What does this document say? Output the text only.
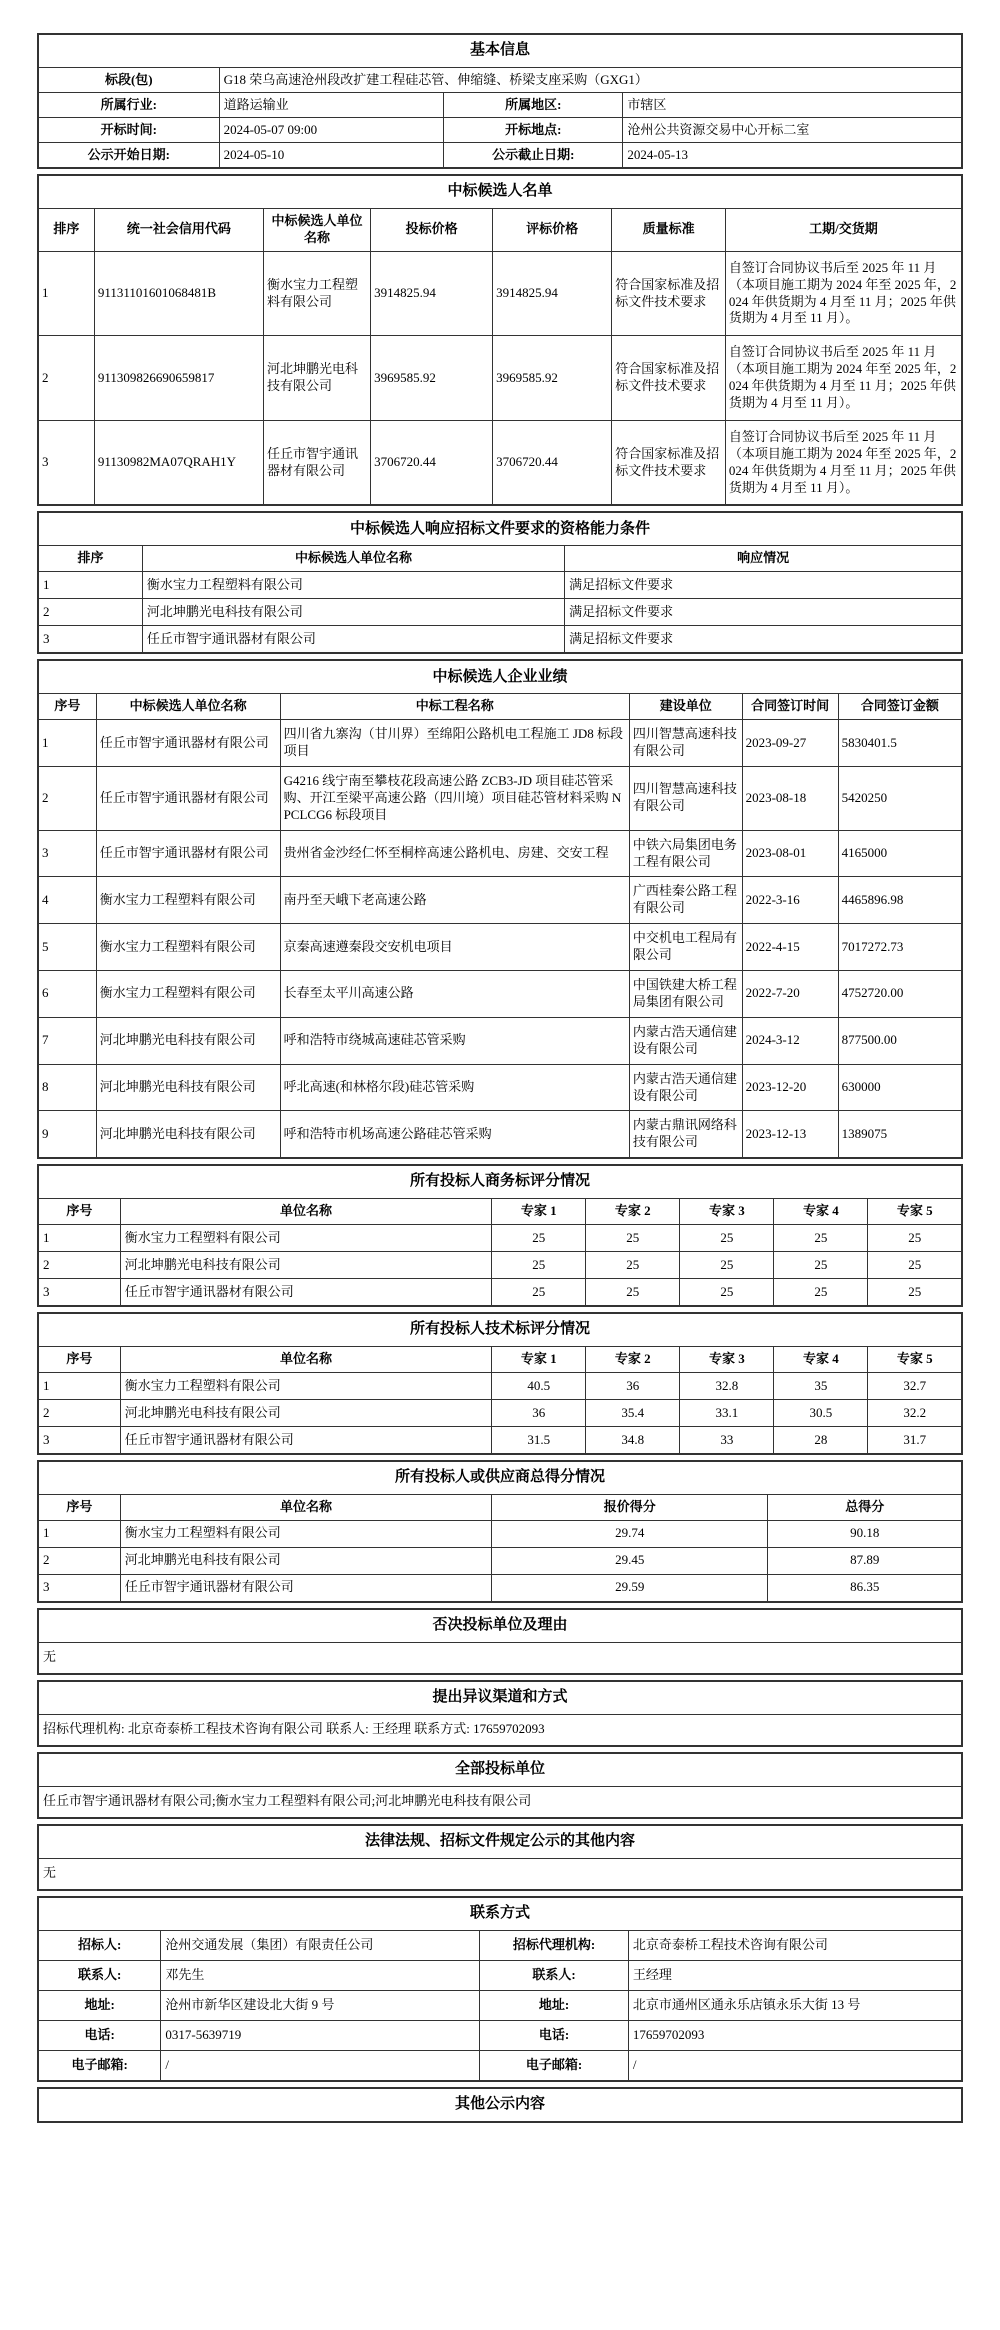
基本信息			
标段(包)	G18 荣乌高速沧州段改扩建工程硅芯管、伸缩缝、桥梁支座采购（GXG1）		
所属行业:	道路运输业	所属地区:	市辖区
开标时间:	2024-05-07 09:00	开标地点:	沧州公共资源交易中心开标二室
公示开始日期:	2024-05-10	公示截止日期:	2024-05-13
中标候选人名单						
排序	统一社会信用代码	中标候选人单位名称	投标价格	评标价格	质量标准	工期/交货期
1	91131101601068481B	衡水宝力工程塑料有限公司	3914825.94	3914825.94	符合国家标准及招标文件技术要求	自签订合同协议书后至 2025 年 11 月（本项目施工期为 2024 年至 2025 年，2024 年供货期为 4 月至 11 月；2025 年供货期为 4 月至 11 月）。
2	911309826690659817	河北坤鹏光电科技有限公司	3969585.92	3969585.92	符合国家标准及招标文件技术要求	自签订合同协议书后至 2025 年 11 月（本项目施工期为 2024 年至 2025 年，2024 年供货期为 4 月至 11 月；2025 年供货期为 4 月至 11 月）。
3	91130982MA07QRAH1Y	任丘市智宇通讯器材有限公司	3706720.44	3706720.44	符合国家标准及招标文件技术要求	自签订合同协议书后至 2025 年 11 月（本项目施工期为 2024 年至 2025 年，2024 年供货期为 4 月至 11 月；2025 年供货期为 4 月至 11 月）。
中标候选人响应招标文件要求的资格能力条件		
排序	中标候选人单位名称	响应情况
1	衡水宝力工程塑料有限公司	满足招标文件要求
2	河北坤鹏光电科技有限公司	满足招标文件要求
3	任丘市智宇通讯器材有限公司	满足招标文件要求
中标候选人企业业绩					
序号	中标候选人单位名称	中标工程名称	建设单位	合同签订时间	合同签订金额
1	任丘市智宇通讯器材有限公司	四川省九寨沟（甘川界）至绵阳公路机电工程施工 JD8 标段项目	四川智慧高速科技有限公司	2023-09-27	5830401.5
2	任丘市智宇通讯器材有限公司	G4216 线宁南至攀枝花段高速公路 ZCB3-JD 项目硅芯管采购、开江至梁平高速公路（四川境）项目硅芯管材料采购 NPCLCG6 标段项目	四川智慧高速科技有限公司	2023-08-18	5420250
3	任丘市智宇通讯器材有限公司	贵州省金沙经仁怀至桐梓高速公路机电、房建、交安工程	中铁六局集团电务工程有限公司	2023-08-01	4165000
4	衡水宝力工程塑料有限公司	南丹至天峨下老高速公路	广西桂秦公路工程有限公司	2022-3-16	4465896.98
5	衡水宝力工程塑料有限公司	京秦高速遵秦段交安机电项目	中交机电工程局有限公司	2022-4-15	7017272.73
6	衡水宝力工程塑料有限公司	长春至太平川高速公路	中国铁建大桥工程局集团有限公司	2022-7-20	4752720.00
7	河北坤鹏光电科技有限公司	呼和浩特市绕城高速硅芯管采购	内蒙古浩天通信建设有限公司	2024-3-12	877500.00
8	河北坤鹏光电科技有限公司	呼北高速(和林格尔段)硅芯管采购	内蒙古浩天通信建设有限公司	2023-12-20	630000
9	河北坤鹏光电科技有限公司	呼和浩特市机场高速公路硅芯管采购	内蒙古鼎讯网络科技有限公司	2023-12-13	1389075
所有投标人商务标评分情况						
序号	单位名称	专家 1	专家 2	专家 3	专家 4	专家 5
1	衡水宝力工程塑料有限公司	25	25	25	25	25
2	河北坤鹏光电科技有限公司	25	25	25	25	25
3	任丘市智宇通讯器材有限公司	25	25	25	25	25
所有投标人技术标评分情况						
序号	单位名称	专家 1	专家 2	专家 3	专家 4	专家 5
1	衡水宝力工程塑料有限公司	40.5	36	32.8	35	32.7
2	河北坤鹏光电科技有限公司	36	35.4	33.1	30.5	32.2
3	任丘市智宇通讯器材有限公司	31.5	34.8	33	28	31.7
所有投标人或供应商总得分情况			
序号	单位名称	报价得分	总得分
1	衡水宝力工程塑料有限公司	29.74	90.18
2	河北坤鹏光电科技有限公司	29.45	87.89
3	任丘市智宇通讯器材有限公司	29.59	86.35
否决投标单位及理由
无
提出异议渠道和方式
招标代理机构: 北京奇泰桥工程技术咨询有限公司 联系人: 王经理 联系方式: 17659702093
全部投标单位
任丘市智宇通讯器材有限公司;衡水宝力工程塑料有限公司;河北坤鹏光电科技有限公司
法律法规、招标文件规定公示的其他内容
无
联系方式			
招标人:	沧州交通发展（集团）有限责任公司	招标代理机构:	北京奇泰桥工程技术咨询有限公司
联系人:	邓先生	联系人:	王经理
地址:	沧州市新华区建设北大街 9 号	地址:	北京市通州区通永乐店镇永乐大街 13 号
电话:	0317-5639719	电话:	17659702093
电子邮箱:	/	电子邮箱:	/
其他公示内容
